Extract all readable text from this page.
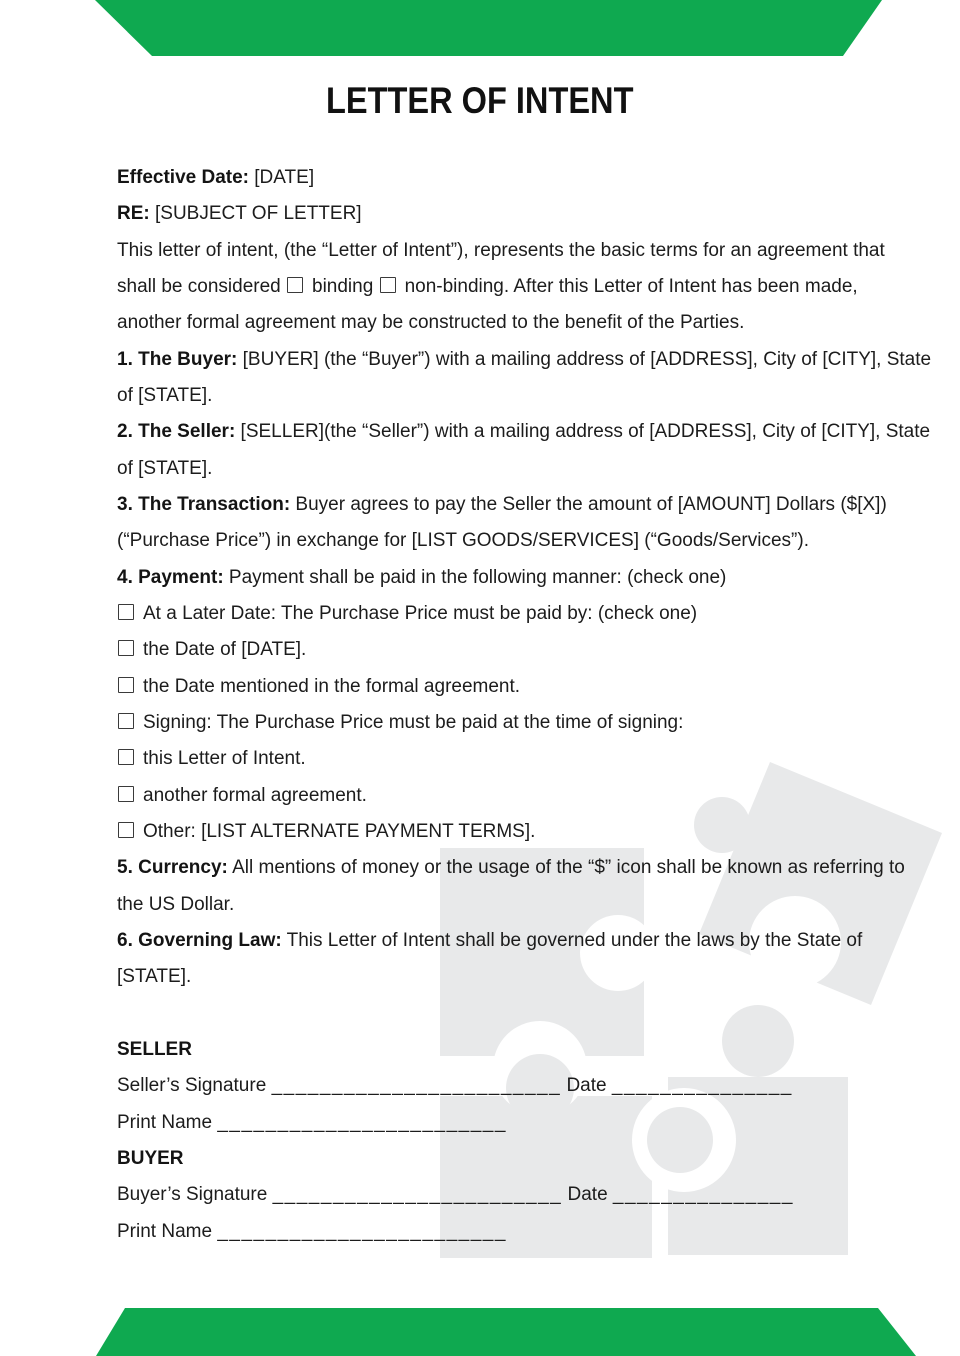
LETTER OF INTENT
Effective Date: [DATE]
RE: [SUBJECT OF LETTER]
This letter of intent, (the “Letter of Intent”), represents the basic terms for an agreement that
shall be considered binding non-binding. After this Letter of Intent has been made,
another formal agreement may be constructed to the benefit of the Parties.
1. The Buyer: [BUYER] (the “Buyer”) with a mailing address of [ADDRESS], City of [CITY], State
of [STATE].
2. The Seller: [SELLER](the “Seller”) with a mailing address of [ADDRESS], City of [CITY], State
of [STATE].
3. The Transaction: Buyer agrees to pay the Seller the amount of [AMOUNT] Dollars ($[X])
(“Purchase Price”) in exchange for [LIST GOODS/SERVICES] (“Goods/Services”).
4. Payment: Payment shall be paid in the following manner: (check one)
At a Later Date: The Purchase Price must be paid by: (check one)
the Date of [DATE].
the Date mentioned in the formal agreement.
Signing: The Purchase Price must be paid at the time of signing:
this Letter of Intent.
another formal agreement.
Other: [LIST ALTERNATE PAYMENT TERMS].
5. Currency: All mentions of money or the usage of the “$” icon shall be known as referring to
the US Dollar.
6. Governing Law: This Letter of Intent shall be governed under the laws by the State of
[STATE].
SELLER
Seller’s Signature ________________________ Date _______________
Print Name ________________________
BUYER
Buyer’s Signature ________________________ Date _______________
Print Name ________________________
